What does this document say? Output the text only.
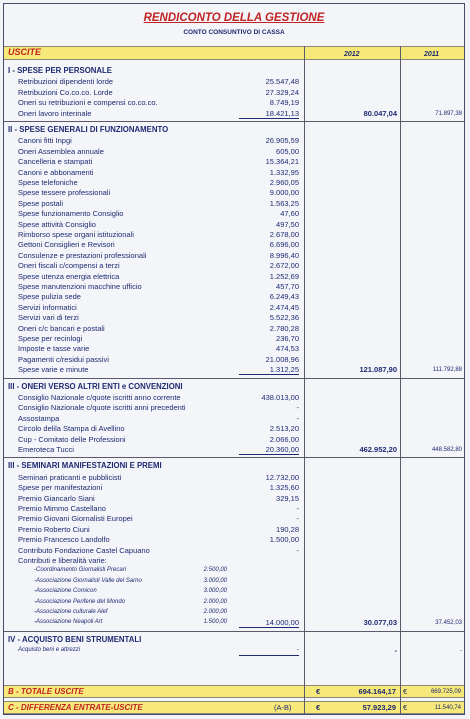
RENDICONTO DELLA GESTIONE
CONTO CONSUNTIVO DI CASSA
USCITE	2012	2011
I - SPESE PER PERSONALE
Retribuzioni dipendenti lorde	25.547,48
Retribuzioni Co.co.co. Lorde	27.329,24
Oneri su retribuzioni e compensi co.co.co.	8.749,19
Oneri lavoro interinale	18.421,13	80.047,04	71.897,38
II - SPESE GENERALI DI FUNZIONAMENTO
Canoni fitti Inpgi	26.905,59
Oneri Assemblea annuale	605,00
Cancelleria e stampati	15.364,21
Canoni e abbonamenti	1.332,95
Spese telefoniche	2.960,05
Spese tessere professionali	9.000,00
Spese postali	1.563,25
Spese funzionamento Consiglio	47,60
Spese attività Consiglio	497,50
Rimborso spese organi istituzionali	2.678,00
Gettoni Consiglieri e Revisori	6.696,00
Consulenze e prestazioni professionali	8.996,40
Oneri fiscali c/compensi a terzi	2.672,00
Spese utenza energia elettrica	1.252,69
Spese manutenzioni macchine ufficio	457,70
Spese pulizia sede	6.249,43
Servizi informatici	2.474,45
Servizi vari di terzi	5.522,36
Oneri c/c bancari e postali	2.780,28
Spese per recinlogi	236,70
Imposte e tasse varie	474,53
Pagamenti c/residui passivi	21.008,96
Spese varie e minute	1.312,25	121.087,90	111.792,88
III - ONERI VERSO ALTRI ENTI e CONVENZIONI
Consiglio Nazionale c/quote iscritti anno corrente	438.013,00
Consiglio Nazionale c/quote iscritti anni precedenti	-
Assostampa	-
Circolo delila Stampa di Avellino	2.513,20
Cup - Comitato delle Professioni	2.066,00
Emeroteca Tucci	20.360,00	462.952,20	448.582,80
III - SEMINARI MANIFESTAZIONI E PREMI
Seminari praticanti e pubblicisti	12.732,00
Spese per manifestazioni	1.325,60
Premio Giancarlo Siani	329,15
Premio Mimmo Castellano	-
Premio Giovani Giornalisti Europei	-
Premio Roberto Ciuni	190,28
Premio Francesco Landolfo	1.500,00
Contributo Fondazione Castel Capuano	-
Contributi e liberalità varie:
-Coordinamento Giornalisti Precari	2.500,00
-Associazione Giornalisti Valle del Sarno	3.000,00
-Associazione Comicon	3.000,00
-Associazione Periferie del Mondo	2.000,00
-Associazione culturale Alef	2.000,00
-Associazione Neapoli Art	1.500,00	14.000,00	30.077,03	37.452,03
IV - ACQUISTO BENI STRUMENTALI
Acquisto beni e attrezzi	-	-	-
B - TOTALE USCITE	€	694.164,17 €	669.725,09
C - DIFFERENZA ENTRATE-USCITE	(A-B)	€	57.923,29 €	11.540,74
